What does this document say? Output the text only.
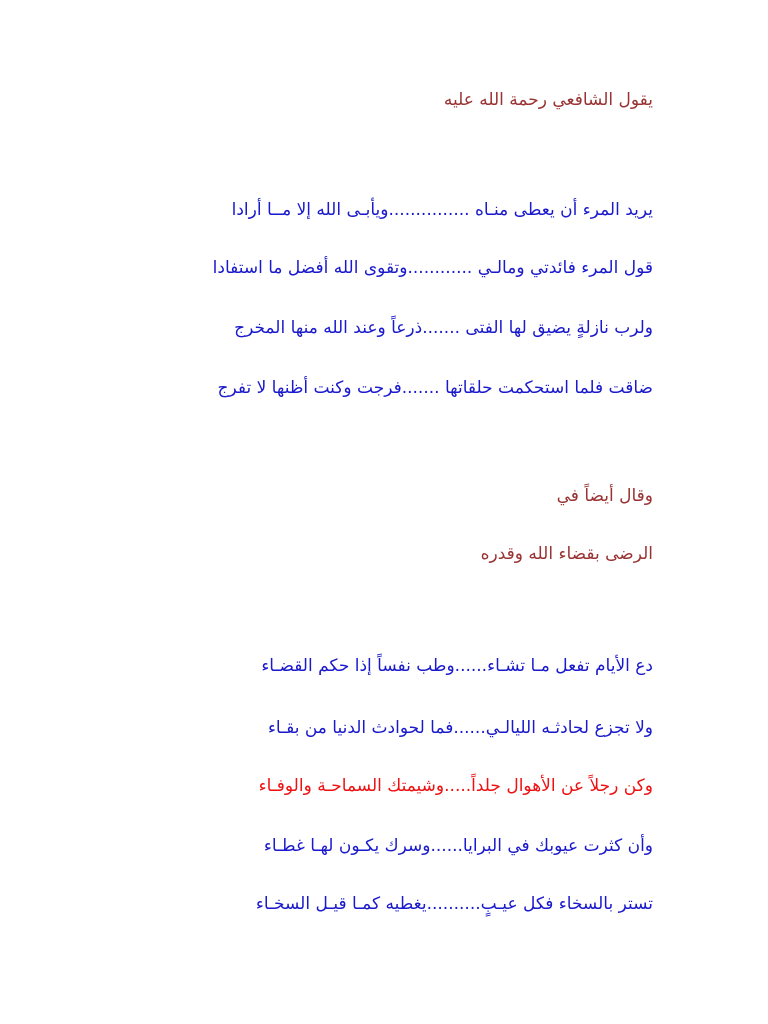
يقول الشافعي رحمة الله عليه
يريد المرء أن يعطى منـاه ...............ويأبـى الله إلا مــا أرادا
قول المرء فائدتي ومالـي ............وتقوى الله أفضل ما استفادا
ولرب نازلةٍ يضيق لها الفتى .......ذرعاً وعند الله منها المخرج
ضاقت فلما استحكمت حلقاتها .......فرجت وكنت أظنها لا تفرج
وقال أيضاً في
الرضى بقضاء الله وقدره
دع الأيام تفعل مـا تشـاء......وطب نفساً إذا حكم القضـاء
ولا تجزع لحادثـه الليالـي......فما لحوادث الدنيا من بقـاء
وكن رجلاً عن الأهوال جلداً.....وشيمتك السماحـة والوفـاء
وأن كثرت عيوبك في البرايا......وسرك يكـون لهـا غطـاء
تستر بالسخاء فكل عيـبٍ..........يغطيه كمـا قيـل السخـاء
